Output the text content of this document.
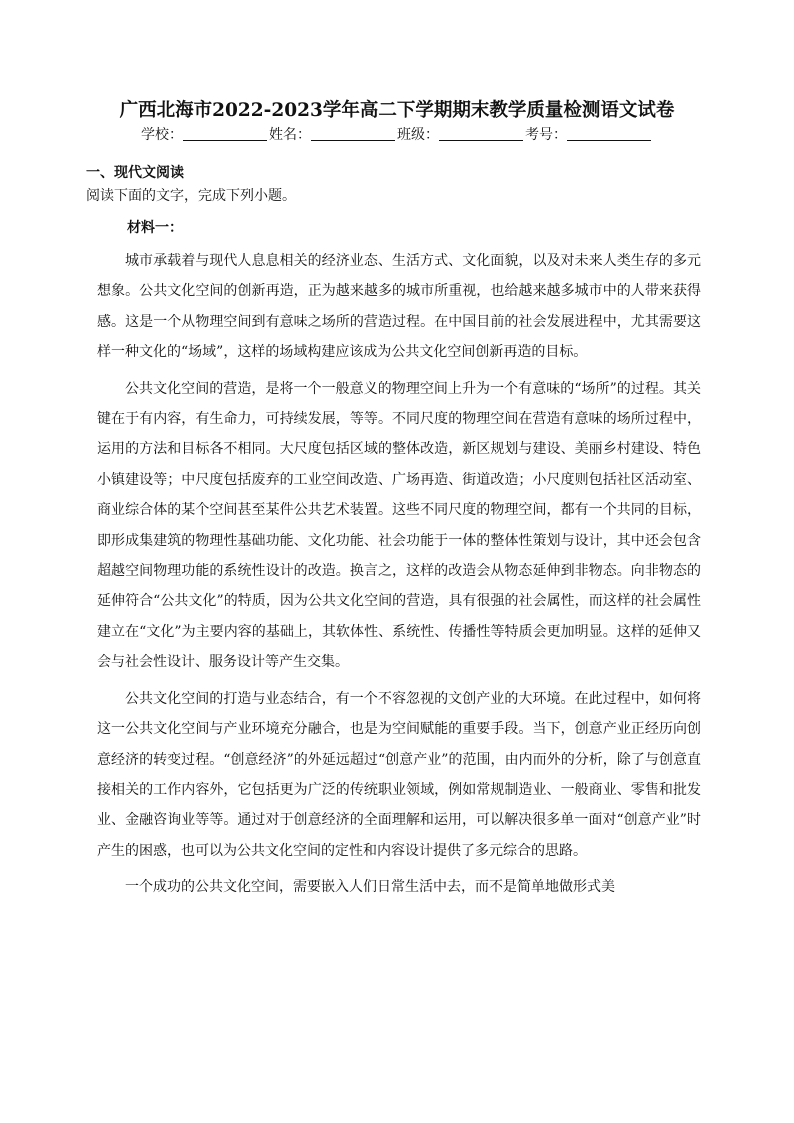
广西北海市2022-2023学年高二下学期期末教学质量检测语文试卷
学校：	姓名：	班级：	考号：
一、现代文阅读
阅读下面的文字，完成下列小题。
材料一：

城市承载着与现代人息息相关的经济业态、生活方式、文化面貌，以及对未来人类生存的多元想象。公共文化空间的创新再造，正为越来越多的城市所重视，也给越来越多城市中的人带来获得感。这是一个从物理空间到有意味之场所的营造过程。在中国目前的社会发展进程中，尤其需要这样一种文化的“场域”，这样的场域构建应该成为公共文化空间创新再造的目标。

公共文化空间的营造，是将一个一般意义的物理空间上升为一个有意味的“场所”的过程。其关键在于有内容，有生命力，可持续发展，等等。不同尺度的物理空间在营造有意味的场所过程中，运用的方法和目标各不相同。大尺度包括区域的整体改造，新区规划与建设、美丽乡村建设、特色小镇建设等；中尺度包括废弃的工业空间改造、广场再造、街道改造；小尺度则包括社区活动室、商业综合体的某个空间甚至某件公共艺术装置。这些不同尺度的物理空间，都有一个共同的目标，即形成集建筑的物理性基础功能、文化功能、社会功能于一体的整体性策划与设计，其中还会包含超越空间物理功能的系统性设计的改造。换言之，这样的改造会从物态延伸到非物态。向非物态的延伸符合“公共文化”的特质，因为公共文化空间的营造，具有很强的社会属性，而这样的社会属性建立在“文化”为主要内容的基础上，其软体性、系统性、传播性等特质会更加明显。这样的延伸又会与社会性设计、服务设计等产生交集。

公共文化空间的打造与业态结合，有一个不容忽视的文创产业的大环境。在此过程中，如何将这一公共文化空间与产业环境充分融合，也是为空间赋能的重要手段。当下，创意产业正经历向创意经济的转变过程。“创意经济”的外延远超过“创意产业”的范围，由内而外的分析，除了与创意直接相关的工作内容外，它包括更为广泛的传统职业领域，例如常规制造业、一般商业、零售和批发业、金融咨询业等等。通过对于创意经济的全面理解和运用，可以解决很多单一面对“创意产业”时产生的困惑，也可以为公共文化空间的定性和内容设计提供了多元综合的思路。

一个成功的公共文化空间，需要嵌入人们日常生活中去，而不是简单地做形式美
